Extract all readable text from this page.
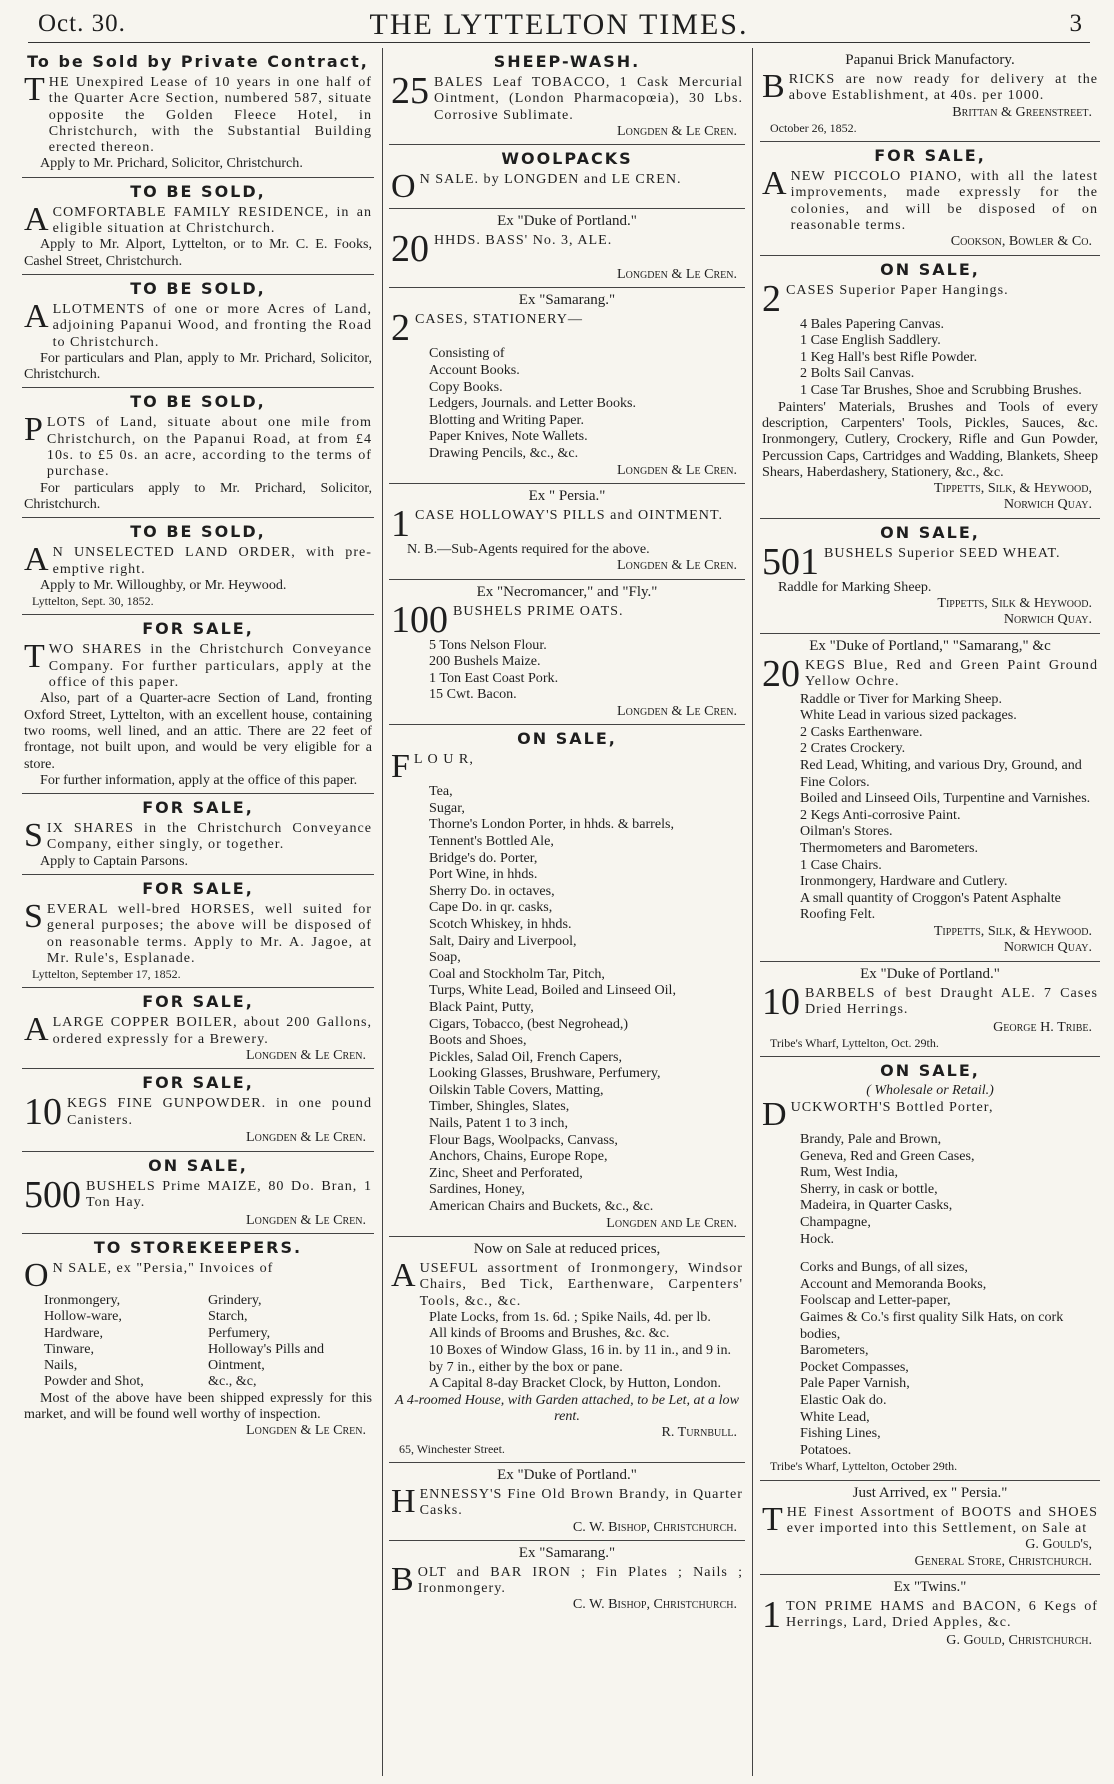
Oct. 30.	THE LYTTELTON TIMES.	3
To be Sold by Private Contract,
T HE Unexpired Lease of 10 years in one half of the Quarter Acre Section, numbered 587, situate opposite the Golden Fleece Hotel, in Christchurch, with the Substantial Building erected thereon.

Apply to Mr. Prichard, Solicitor, Christchurch.

TO BE SOLD,
A COMFORTABLE FAMILY RESIDENCE, in an eligible situation at Christchurch.

Apply to Mr. Alport, Lyttelton, or to Mr. C. E. Fooks, Cashel Street, Christchurch.

TO BE SOLD,
A LLOTMENTS of one or more Acres of Land, adjoining Papanui Wood, and fronting the Road to Christchurch.

For particulars and Plan, apply to Mr. Prichard, Solicitor, Christchurch.

TO BE SOLD,
P LOTS of Land, situate about one mile from Christchurch, on the Papanui Road, at from £4 10s. to £5 0s. an acre, according to the terms of purchase.

For particulars apply to Mr. Prichard, Solicitor, Christchurch.

TO BE SOLD,
A N UNSELECTED LAND ORDER, with pre-emptive right.

Apply to Mr. Willoughby, or Mr. Heywood.

Lyttelton, Sept. 30, 1852.
FOR SALE,
T WO SHARES in the Christchurch Conveyance Company. For further particulars, apply at the office of this paper.

Also, part of a Quarter-acre Section of Land, fronting Oxford Street, Lyttelton, with an excellent house, containing two rooms, well lined, and an attic. There are 22 feet of frontage, not built upon, and would be very eligible for a store.

For further information, apply at the office of this paper.

FOR SALE,
S IX SHARES in the Christchurch Conveyance Company, either singly, or together.

Apply to Captain Parsons.

FOR SALE,
S EVERAL well-bred HORSES, well suited for general purposes; the above will be disposed of on reasonable terms. Apply to Mr. A. Jagoe, at Mr. Rule's, Esplanade.

Lyttelton, September 17, 1852.
FOR SALE,
A LARGE COPPER BOILER, about 200 Gallons, ordered expressly for a Brewery.

Longden & Le Cren.
FOR SALE,
10 KEGS FINE GUNPOWDER. in one pound Canisters.

Longden & Le Cren.
ON SALE,
500 BUSHELS Prime MAIZE, 80 Do. Bran, 1 Ton Hay.

Longden & Le Cren.
TO STOREKEEPERS.
O N SALE, ex "Persia," Invoices of

Ironmongery,	Grindery,
Hollow-ware,	Starch,
Hardware,	Perfumery,
Tinware,	Holloway's Pills and
Nails,	Ointment,
Powder and Shot,	&c., &c,

Most of the above have been shipped expressly for this market, and will be found well worthy of inspection.

Longden & Le Cren.
SHEEP-WASH.
25 BALES Leaf TOBACCO, 1 Cask Mercurial Ointment, (London Pharmacopœia), 30 Lbs. Corrosive Sublimate.

Longden & Le Cren.
WOOLPACKS
O N SALE. by LONGDEN and LE CREN.

Ex "Duke of Portland."
20 HHDS. BASS' No. 3, ALE.

Longden & Le Cren.
Ex "Samarang."
2 CASES, STATIONERY—

Consisting of
Account Books.
Copy Books.
Ledgers, Journals. and Letter Books.
Blotting and Writing Paper.
Paper Knives, Note Wallets.
Drawing Pencils, &c., &c.
Longden & Le Cren.
Ex " Persia."
1 CASE HOLLOWAY'S PILLS and OINTMENT.

N. B.—Sub-Agents required for the above.

Longden & Le Cren.
Ex "Necromancer," and "Fly."
100 BUSHELS PRIME OATS.

5 Tons Nelson Flour.
200 Bushels Maize.
1 Ton East Coast Pork.
15 Cwt. Bacon.
Longden & Le Cren.
ON SALE,
F L O U R,

Tea,
Sugar,
Thorne's London Porter, in hhds. & barrels,
Tennent's Bottled Ale,
Bridge's do. Porter,
Port Wine, in hhds.
Sherry Do. in octaves,
Cape Do. in qr. casks,
Scotch Whiskey, in hhds.
Salt, Dairy and Liverpool,
Soap,
Coal and Stockholm Tar, Pitch,
Turps, White Lead, Boiled and Linseed Oil,
Black Paint, Putty,
Cigars, Tobacco, (best Negrohead,)
Boots and Shoes,
Pickles, Salad Oil, French Capers,
Looking Glasses, Brushware, Perfumery,
Oilskin Table Covers, Matting,
Timber, Shingles, Slates,
Nails, Patent 1 to 3 inch,
Flour Bags, Woolpacks, Canvass,
Anchors, Chains, Europe Rope,
Zinc, Sheet and Perforated,
Sardines, Honey,
American Chairs and Buckets, &c., &c.
Longden and Le Cren.
Now on Sale at reduced prices,
A USEFUL assortment of Ironmongery, Windsor Chairs, Bed Tick, Earthenware, Carpenters' Tools, &c., &c.

Plate Locks, from 1s. 6d. ; Spike Nails, 4d. per lb.
All kinds of Brooms and Brushes, &c. &c.
10 Boxes of Window Glass, 16 in. by 11 in., and 9 in. by 7 in., either by the box or pane.
A Capital 8-day Bracket Clock, by Hutton, London.

A 4-roomed House, with Garden attached, to be Let, at a low rent.

R. Turnbull.
65, Winchester Street.
Ex "Duke of Portland."
H ENNESSY'S Fine Old Brown Brandy, in Quarter Casks.

C. W. Bishop, Christchurch.
Ex "Samarang."
B OLT and BAR IRON ; Fin Plates ; Nails ; Ironmongery.

C. W. Bishop, Christchurch.
Papanui Brick Manufactory.
B RICKS are now ready for delivery at the above Establishment, at 40s. per 1000.

Brittan & Greenstreet.
October 26, 1852.
FOR SALE,
A NEW PICCOLO PIANO, with all the latest improvements, made expressly for the colonies, and will be disposed of on reasonable terms.

Cookson, Bowler & Co.
ON SALE,
2 CASES Superior Paper Hangings.

4 Bales Papering Canvas.
1 Case English Saddlery.
1 Keg Hall's best Rifle Powder.
2 Bolts Sail Canvas.
1 Case Tar Brushes, Shoe and Scrubbing Brushes.

Painters' Materials, Brushes and Tools of every description, Carpenters' Tools, Pickles, Sauces, &c. Ironmongery, Cutlery, Crockery, Rifle and Gun Powder, Percussion Caps, Cartridges and Wadding, Blankets, Sheep Shears, Haberdashery, Stationery, &c., &c.

Tippetts, Silk, & Heywood,
Norwich Quay.
ON SALE,
501 BUSHELS Superior SEED WHEAT.

Raddle for Marking Sheep.

Tippetts, Silk & Heywood.
Norwich Quay.
Ex "Duke of Portland," "Samarang," &c
20 KEGS Blue, Red and Green Paint Ground Yellow Ochre.

Raddle or Tiver for Marking Sheep.
White Lead in various sized packages.
2 Casks Earthenware.
2 Crates Crockery.
Red Lead, Whiting, and various Dry, Ground, and Fine Colors.
Boiled and Linseed Oils, Turpentine and Varnishes.
2 Kegs Anti-corrosive Paint.
Oilman's Stores.
Thermometers and Barometers.
1 Case Chairs.
Ironmongery, Hardware and Cutlery.
A small quantity of Croggon's Patent Asphalte Roofing Felt.
Tippetts, Silk, & Heywood.
Norwich Quay.
Ex "Duke of Portland."
10 BARBELS of best Draught ALE. 7 Cases Dried Herrings.

George H. Tribe.
Tribe's Wharf, Lyttelton, Oct. 29th.
ON SALE,
( Wholesale or Retail.)
D UCKWORTH'S Bottled Porter,

Brandy, Pale and Brown,
Geneva, Red and Green Cases,
Rum, West India,
Sherry, in cask or bottle,
Madeira, in Quarter Casks,
Champagne,
Hock.
Corks and Bungs, of all sizes,
Account and Memoranda Books,
Foolscap and Letter-paper,
Gaimes & Co.'s first quality Silk Hats, on cork bodies,
Barometers,
Pocket Compasses,
Pale Paper Varnish,
Elastic Oak do.
White Lead,
Fishing Lines,
Potatoes.
Tribe's Wharf, Lyttelton, October 29th.
Just Arrived, ex " Persia."
T HE Finest Assortment of BOOTS and SHOES ever imported into this Settlement, on Sale at

G. Gould's,
General Store, Christchurch.
Ex "Twins."
1 TON PRIME HAMS and BACON, 6 Kegs of Herrings, Lard, Dried Apples, &c.

G. Gould, Christchurch.
